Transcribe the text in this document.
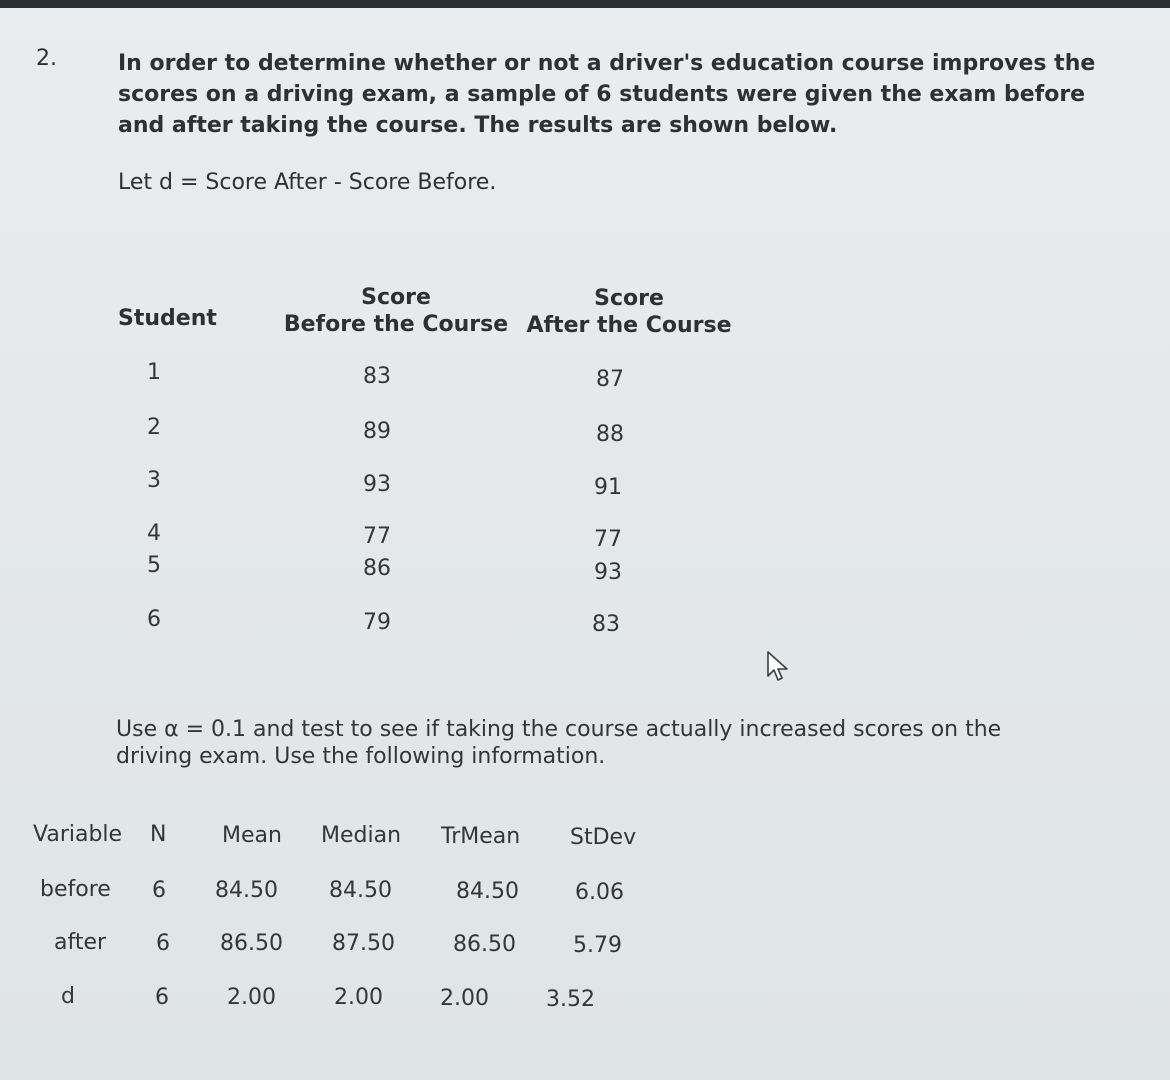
2.	In order to determine whether or not a driver's education course improves the scores on a driving exam, a sample of 6 students were given the exam before and after taking the course. The results are shown below.
Let d = Score After - Score Before.
Student
Score
Before the Course
Score
After the Course
1	83	87
2	89	88
3	93	91
4	77	77
5	86	93
6	79	83
Use α = 0.1 and test to see if taking the course actually increased scores on the driving exam. Use the following information.
Variable N	Mean Median TrMean StDev
before 6 84.50 84.50	84.50	6.06
after 6 86.50 87.50	86.50	5.79
d	6	2.00	2.00	2.00	3.52
